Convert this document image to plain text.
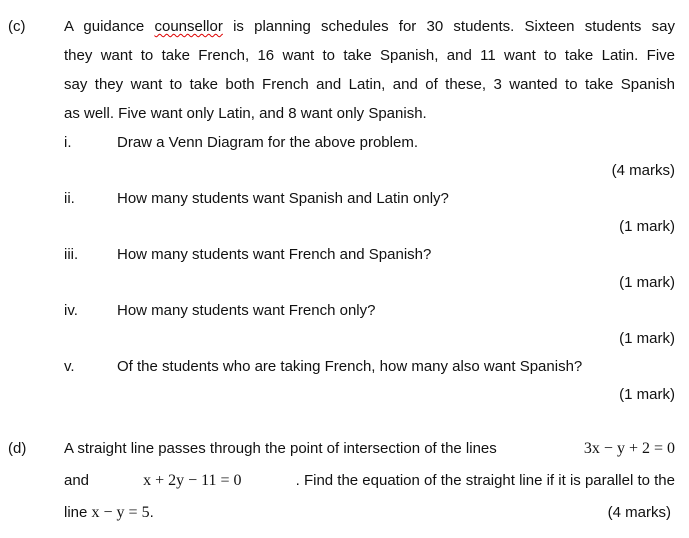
(c)	A guidance counsellor is planning schedules for 30 students. Sixteen students say
they want to take French, 16 want to take Spanish, and 11 want to take Latin. Five
say they want to take both French and Latin, and of these, 3 wanted to take Spanish
as well. Five want only Latin, and 8 want only Spanish.
i.	Draw a Venn Diagram for the above problem.
(4 marks)
ii.	How many students want Spanish and Latin only?
(1 mark)
iii.	How many students want French and Spanish?
(1 mark)
iv.	How many students want French only?
(1 mark)
v.	Of the students who are taking French, how many also want Spanish?
(1 mark)
(d)	A straight line passes through the point of intersection of the lines	3x − y + 2 = 0
and	x + 2y − 11 = 0	. Find the equation of the straight line if it is parallel to the
line x − y = 5.	(4 marks)
